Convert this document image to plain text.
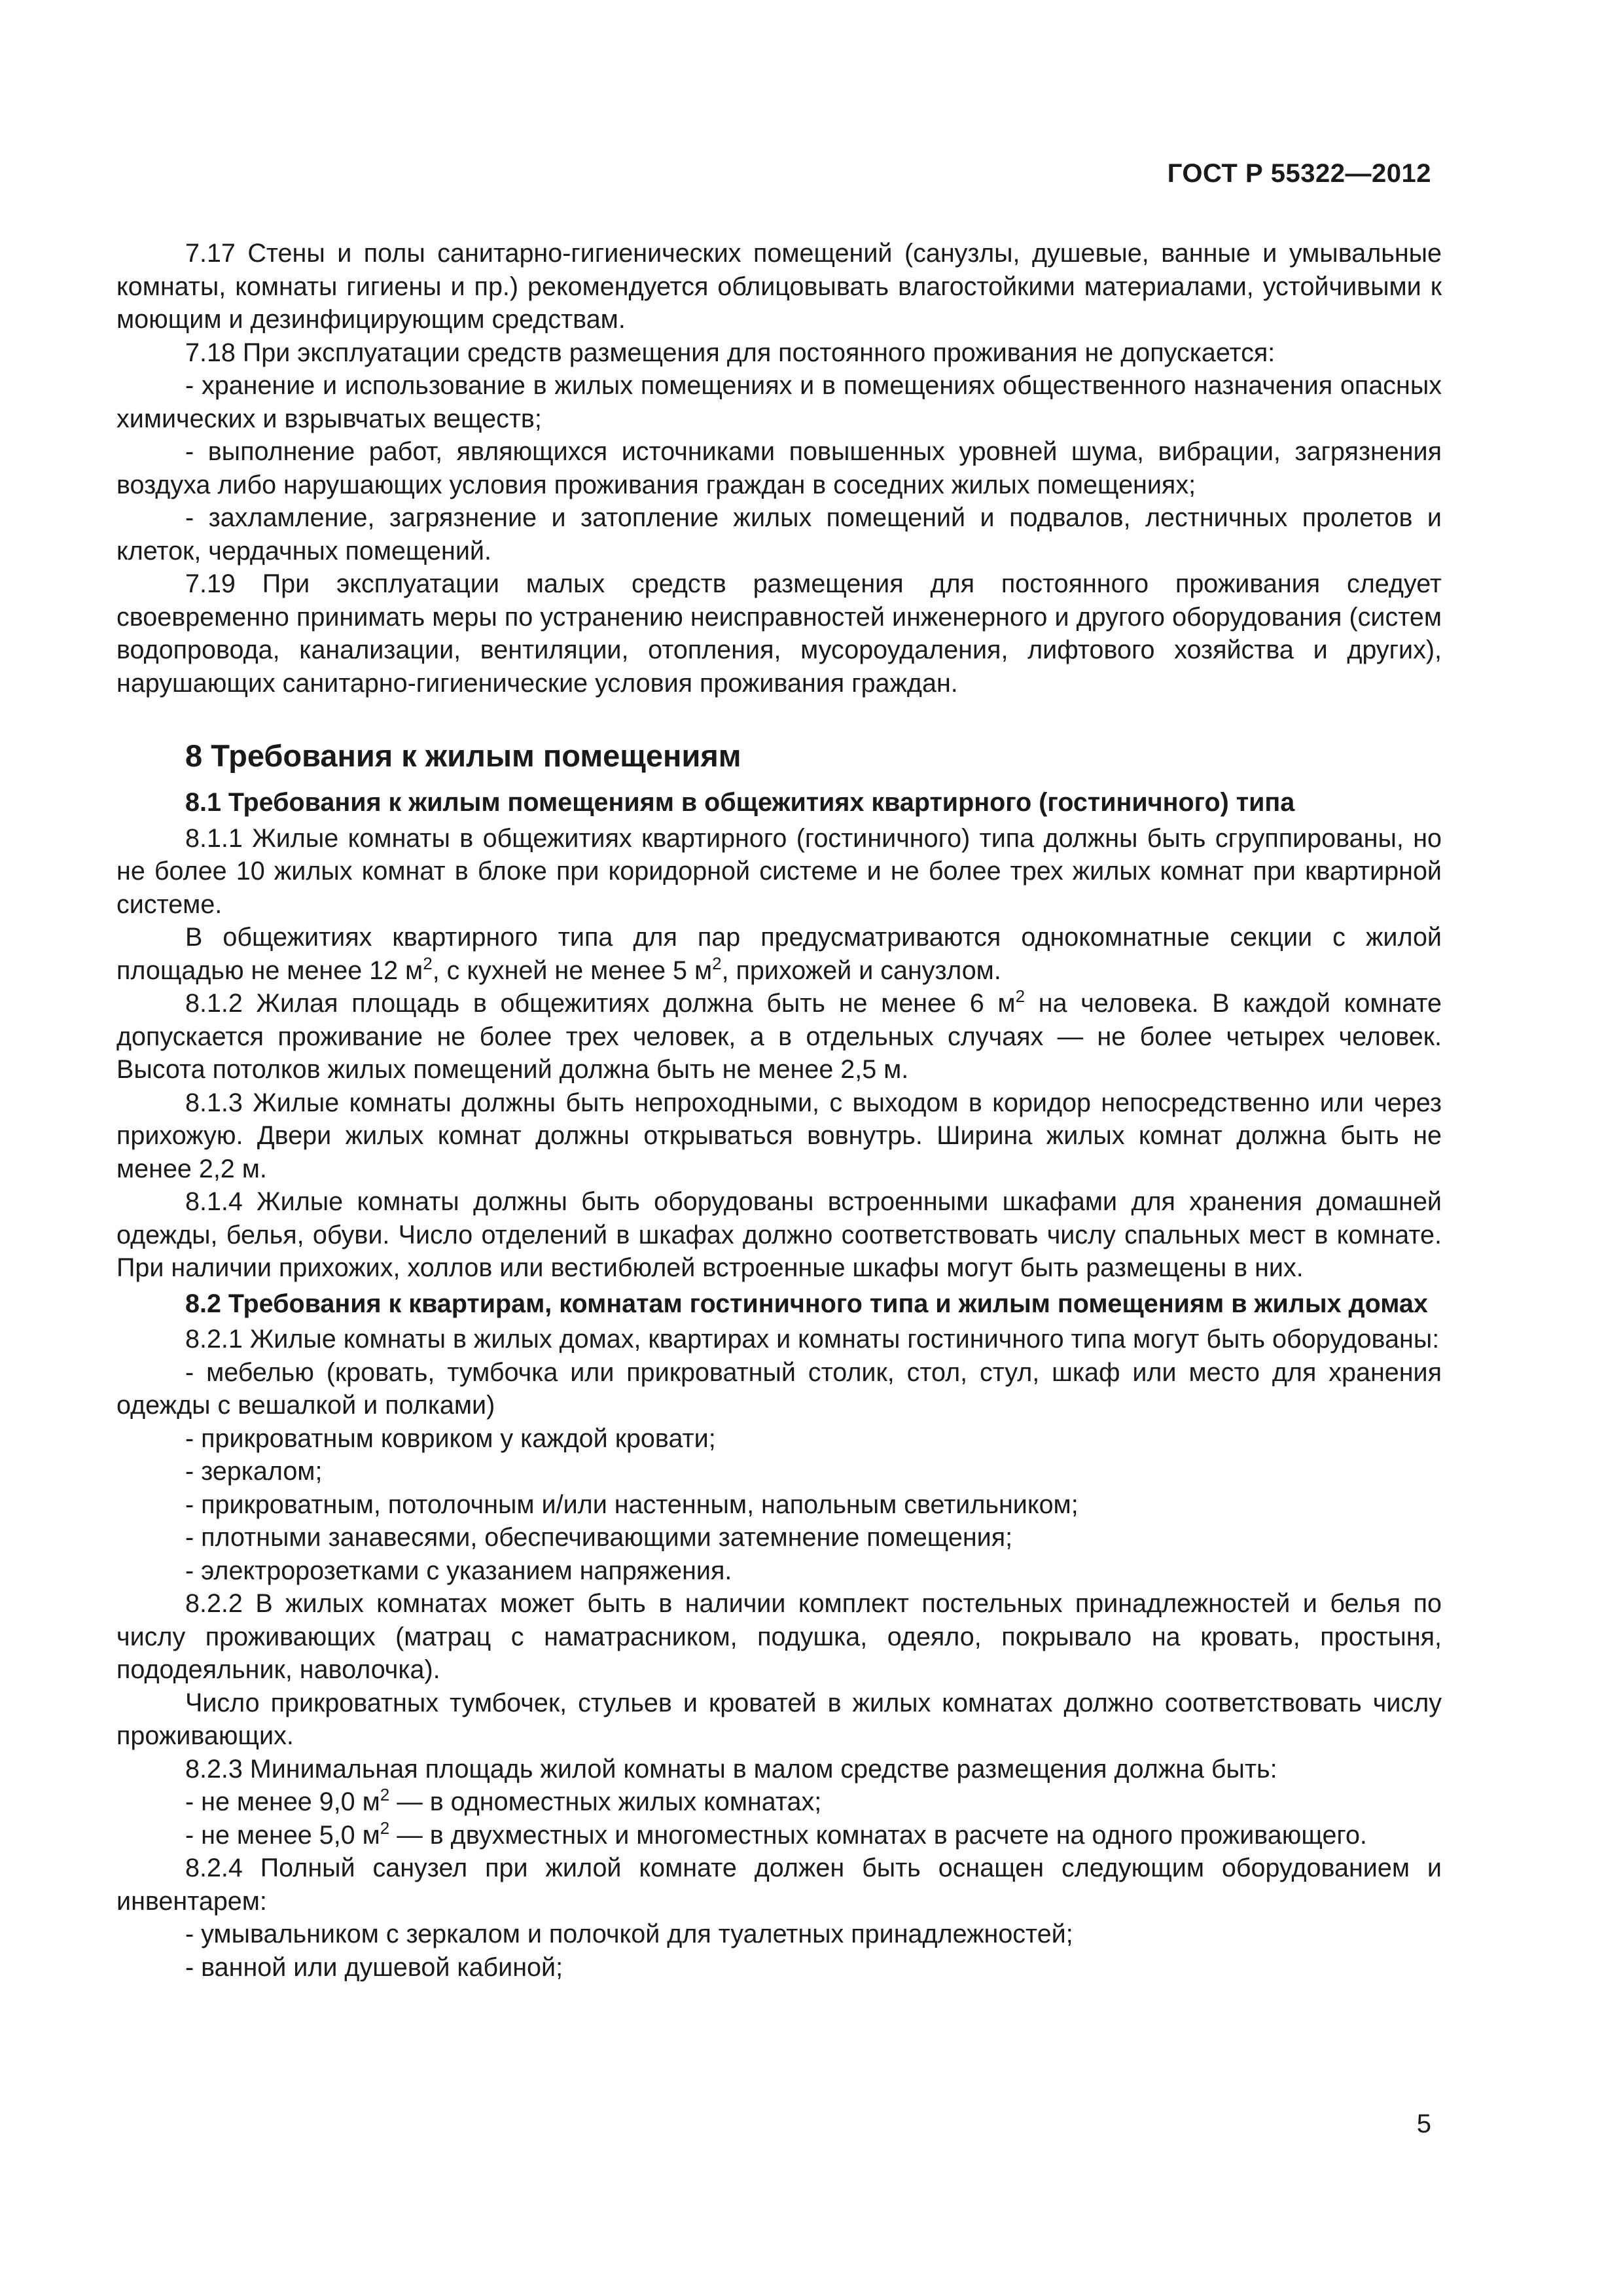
ГОСТ Р 55322—2012

7.17 Стены и полы санитарно-гигиенических помещений (санузлы, душевые, ванные и умывальные комнаты, комнаты гигиены и пр.) рекомендуется облицовывать влагостойкими материалами, устойчивыми к моющим и дезинфицирующим средствам.

7.18 При эксплуатации средств размещения для постоянного проживания не допускается:

- хранение и использование в жилых помещениях и в помещениях общественного назначения опасных химических и взрывчатых веществ;

- выполнение работ, являющихся источниками повышенных уровней шума, вибрации, загрязнения воздуха либо нарушающих условия проживания граждан в соседних жилых помещениях;

- захламление, загрязнение и затопление жилых помещений и подвалов, лестничных пролетов и клеток, чердачных помещений.

7.19 При эксплуатации малых средств размещения для постоянного проживания следует своевременно принимать меры по устранению неисправностей инженерного и другого оборудования (систем водопровода, канализации, вентиляции, отопления, мусороудаления, лифтового хозяйства и других), нарушающих санитарно-гигиенические условия проживания граждан.

8 Требования к жилым помещениям
8.1 Требования к жилым помещениям в общежитиях квартирного (гостиничного) типа

8.1.1 Жилые комнаты в общежитиях квартирного (гостиничного) типа должны быть сгруппированы, но не более 10 жилых комнат в блоке при коридорной системе и не более трех жилых комнат при квартирной системе.

В общежитиях квартирного типа для пар предусматриваются однокомнатные секции с жилой площадью не менее 12 $м^2$, с кухней не менее 5 $м^2$, прихожей и санузлом.

8.1.2 Жилая площадь в общежитиях должна быть не менее 6 $м^2$ на человека. В каждой комнате допускается проживание не более трех человек, а в отдельных случаях — не более четырех человек. Высота потолков жилых помещений должна быть не менее 2,5 м.

8.1.3 Жилые комнаты должны быть непроходными, с выходом в коридор непосредственно или через прихожую. Двери жилых комнат должны открываться вовнутрь. Ширина жилых комнат должна быть не менее 2,2 м.

8.1.4 Жилые комнаты должны быть оборудованы встроенными шкафами для хранения домашней одежды, белья, обуви. Число отделений в шкафах должно соответствовать числу спальных мест в комнате. При наличии прихожих, холлов или вестибюлей встроенные шкафы могут быть размещены в них.

8.2 Требования к квартирам, комнатам гостиничного типа и жилым помещениям в жилых домах

8.2.1 Жилые комнаты в жилых домах, квартирах и комнаты гостиничного типа могут быть оборудованы:

- мебелью (кровать, тумбочка или прикроватный столик, стол, стул, шкаф или место для хранения одежды с вешалкой и полками)

- прикроватным ковриком у каждой кровати;

- зеркалом;

- прикроватным, потолочным и/или настенным, напольным светильником;

- плотными занавесями, обеспечивающими затемнение помещения;

- электророзетками с указанием напряжения.

8.2.2 В жилых комнатах может быть в наличии комплект постельных принадлежностей и белья по числу проживающих (матрац с наматрасником, подушка, одеяло, покрывало на кровать, простыня, пододеяльник, наволочка).

Число прикроватных тумбочек, стульев и кроватей в жилых комнатах должно соответствовать числу проживающих.

8.2.3 Минимальная площадь жилой комнаты в малом средстве размещения должна быть:

- не менее 9,0 $м^2$ — в одноместных жилых комнатах;

- не менее 5,0 $м^2$ — в двухместных и многоместных комнатах в расчете на одного проживающего.

8.2.4 Полный санузел при жилой комнате должен быть оснащен следующим оборудованием и инвентарем:

- умывальником с зеркалом и полочкой для туалетных принадлежностей;

- ванной или душевой кабиной;

5
